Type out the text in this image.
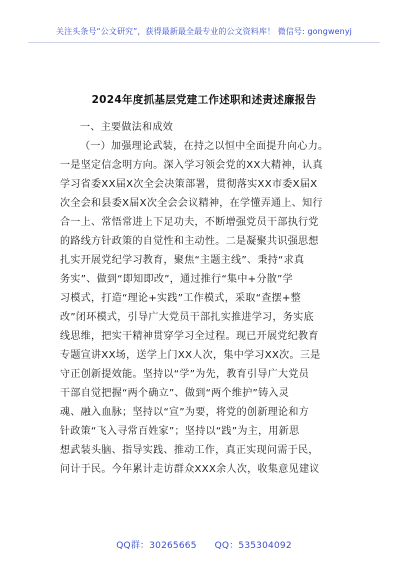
关注头条号“公文研究”，获得最新最全最专业的公文资料库！ 微信号: gongwenyj
2024年度抓基层党建工作述职和述责述廉报告
一、主要做法和成效
（一）加强理论武装，在持之以恒中全面提升向心力。
一是坚定信念明方向。深入学习领会党的XX大精神，认真
学习省委XX届X次全会决策部署，贯彻落实XX市委X届X
次全会和县委X届X次全会会议精神，在学懂弄通上、知行
合一上、常悟常进上下足功夫，不断增强党员干部执行党
的路线方针政策的自觉性和主动性。二是凝聚共识强思想
扎实开展党纪学习教育，聚焦“主题主线”、秉持“求真
务实”、做到“即知即改”，通过推行“集中+分散”学
习模式，打造“理论+实践”工作模式，采取“查摆+整
改”闭环模式，引导广大党员干部扎实推进学习，务实底
线思维，把实干精神贯穿学习全过程。现已开展党纪教育
专题宣讲XX场，送学上门XX人次，集中学习XX次。三是
守正创新提效能。坚持以“学”为先，教育引导广大党员
干部自觉把握“两个确立”、做到“两个维护”铸入灵
魂、融入血脉；坚持以“宣”为要，将党的创新理论和方
针政策“飞入寻常百姓家”；坚持以“践”为主，用新思
想武装头脑、指导实践、推动工作，真正实现问需于民，
问计于民。今年累计走访群众XXX余人次，收集意见建议
QQ群：30265665 QQ：535304092
